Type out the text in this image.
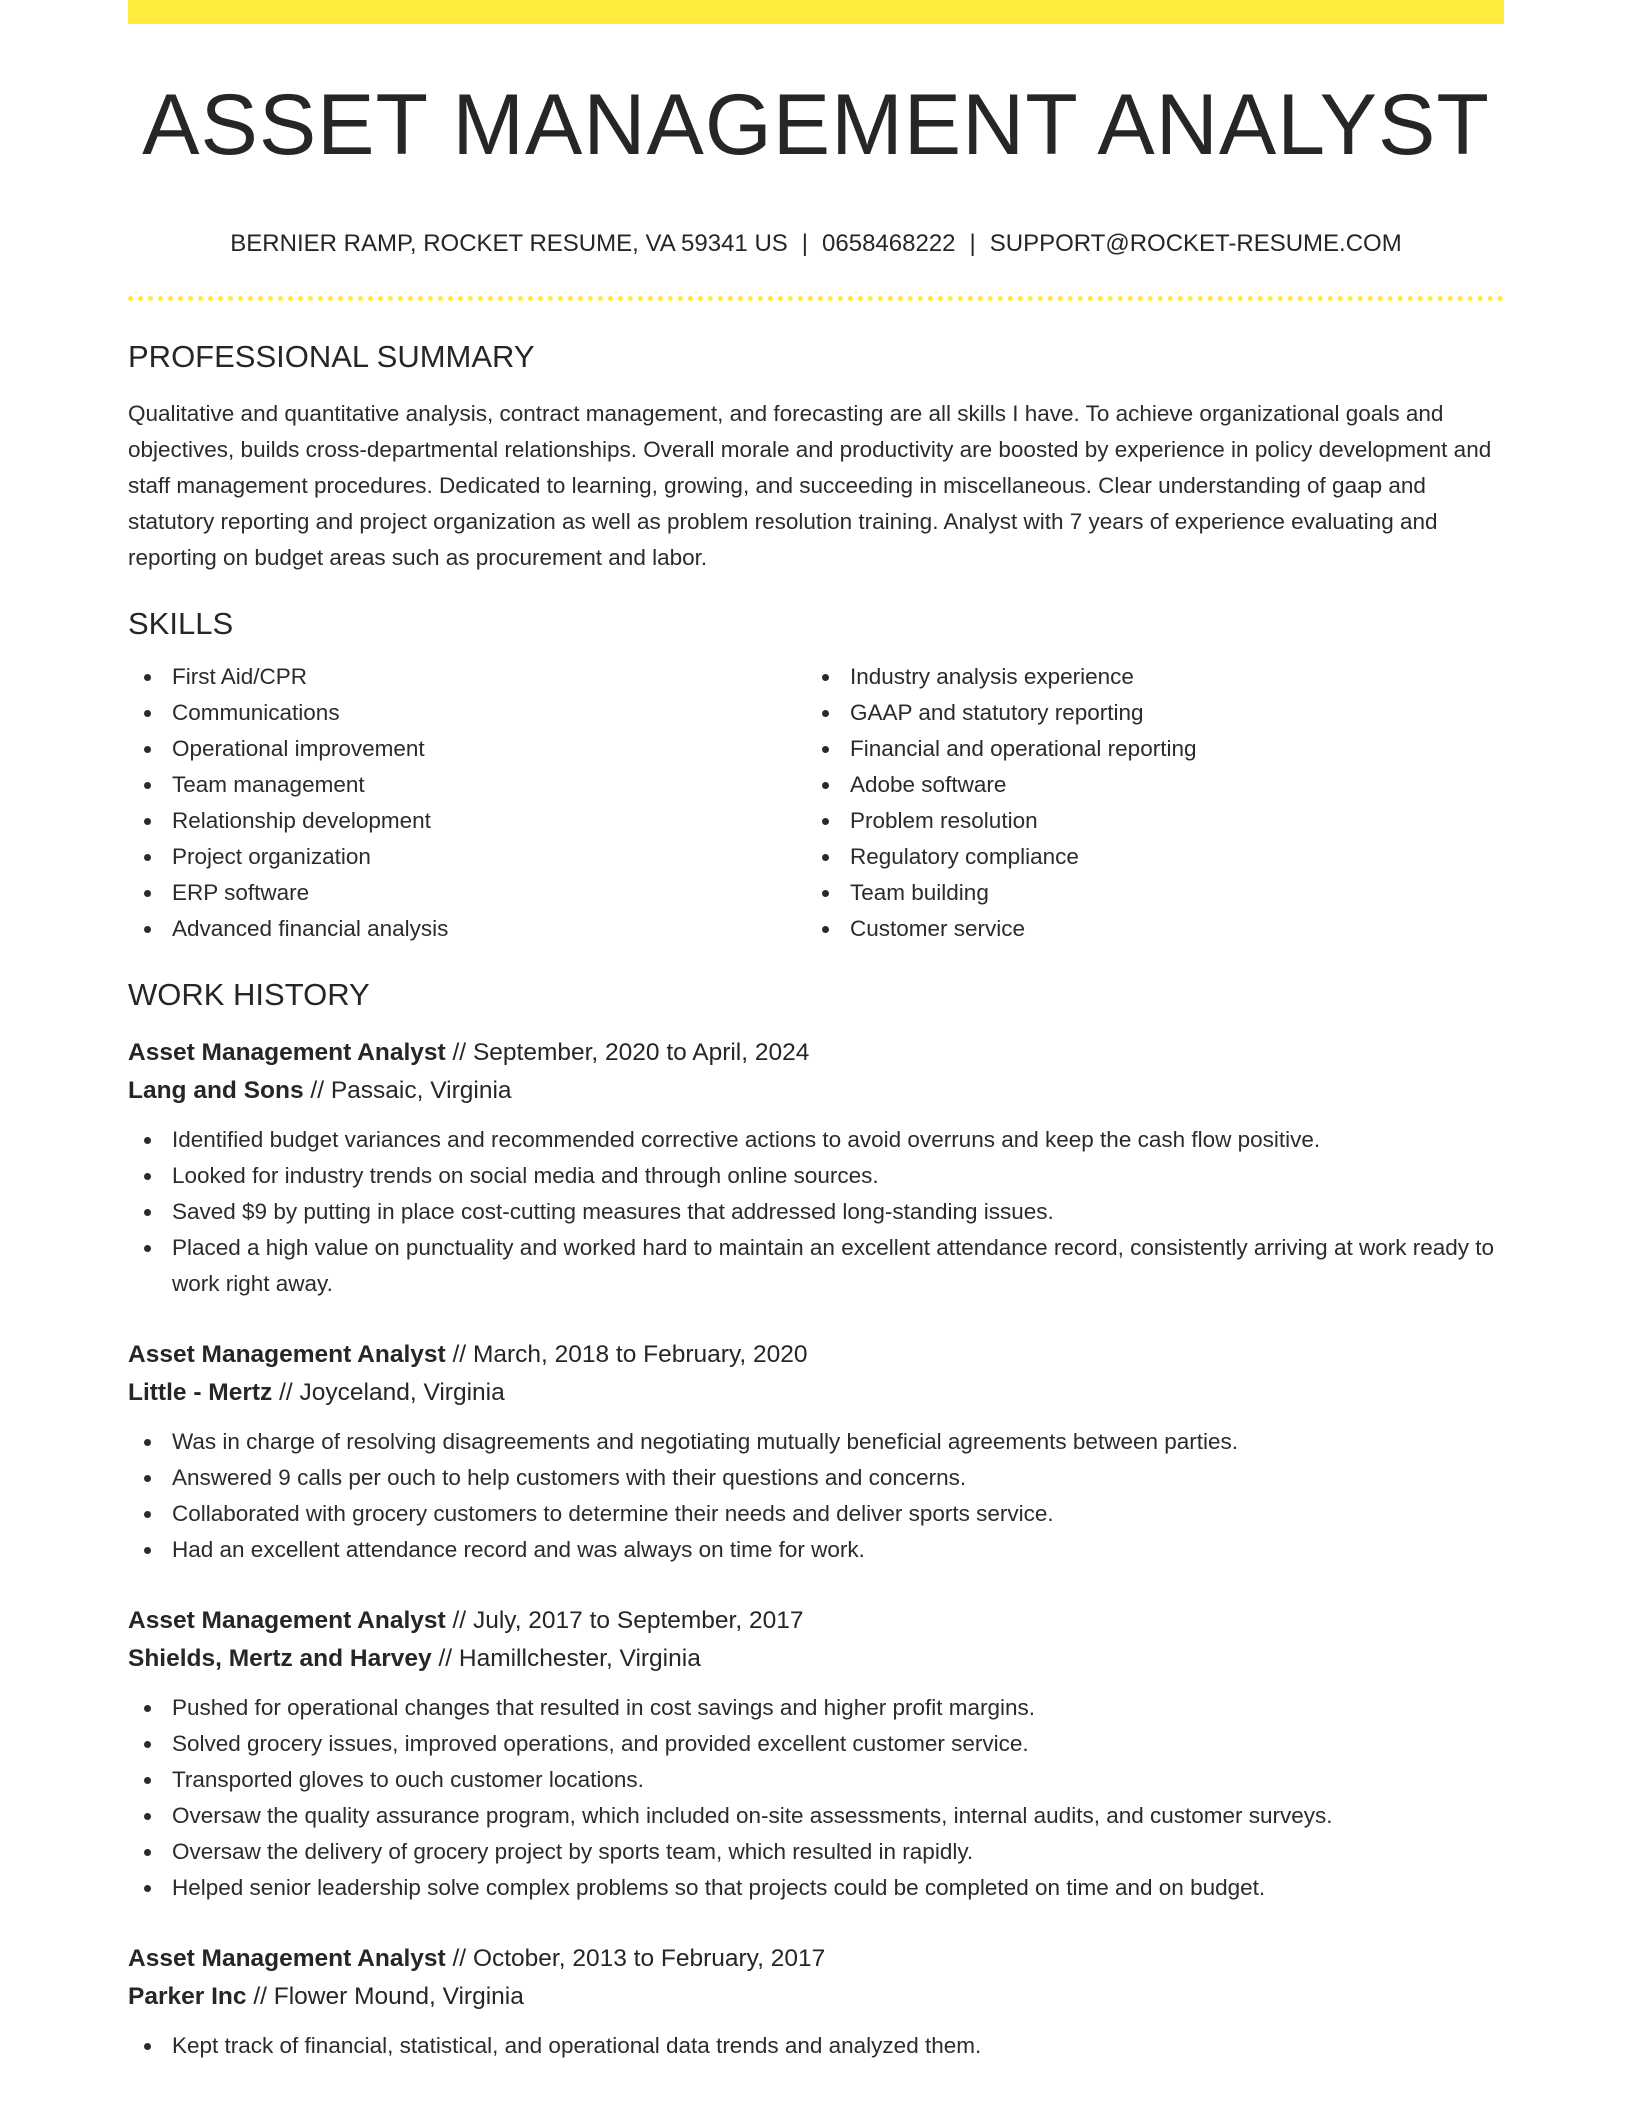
ASSET MANAGEMENT ANALYST
BERNIER RAMP, ROCKET RESUME, VA 59341 US | 0658468222 | SUPPORT@ROCKET-RESUME.COM
PROFESSIONAL SUMMARY

Qualitative and quantitative analysis, contract management, and forecasting are all skills I have. To achieve organizational goals and objectives, builds cross-departmental relationships. Overall morale and productivity are boosted by experience in policy development and staff management procedures. Dedicated to learning, growing, and succeeding in miscellaneous. Clear understanding of gaap and statutory reporting and project organization as well as problem resolution training. Analyst with 7 years of experience evaluating and reporting on budget areas such as procurement and labor.

SKILLS
First Aid/CPR
Communications
Operational improvement
Team management
Relationship development
Project organization
ERP software
Advanced financial analysis
Industry analysis experience
GAAP and statutory reporting
Financial and operational reporting
Adobe software
Problem resolution
Regulatory compliance
Team building
Customer service
WORK HISTORY
Asset Management Analyst // September, 2020 to April, 2024
Lang and Sons // Passaic, Virginia
Identified budget variances and recommended corrective actions to avoid overruns and keep the cash flow positive.
Looked for industry trends on social media and through online sources.
Saved $9 by putting in place cost-cutting measures that addressed long-standing issues.
Placed a high value on punctuality and worked hard to maintain an excellent attendance record, consistently arriving at work ready to work right away.
Asset Management Analyst // March, 2018 to February, 2020
Little - Mertz // Joyceland, Virginia
Was in charge of resolving disagreements and negotiating mutually beneficial agreements between parties.
Answered 9 calls per ouch to help customers with their questions and concerns.
Collaborated with grocery customers to determine their needs and deliver sports service.
Had an excellent attendance record and was always on time for work.
Asset Management Analyst // July, 2017 to September, 2017
Shields, Mertz and Harvey // Hamillchester, Virginia
Pushed for operational changes that resulted in cost savings and higher profit margins.
Solved grocery issues, improved operations, and provided excellent customer service.
Transported gloves to ouch customer locations.
Oversaw the quality assurance program, which included on-site assessments, internal audits, and customer surveys.
Oversaw the delivery of grocery project by sports team, which resulted in rapidly.
Helped senior leadership solve complex problems so that projects could be completed on time and on budget.
Asset Management Analyst // October, 2013 to February, 2017
Parker Inc // Flower Mound, Virginia
Kept track of financial, statistical, and operational data trends and analyzed them.
